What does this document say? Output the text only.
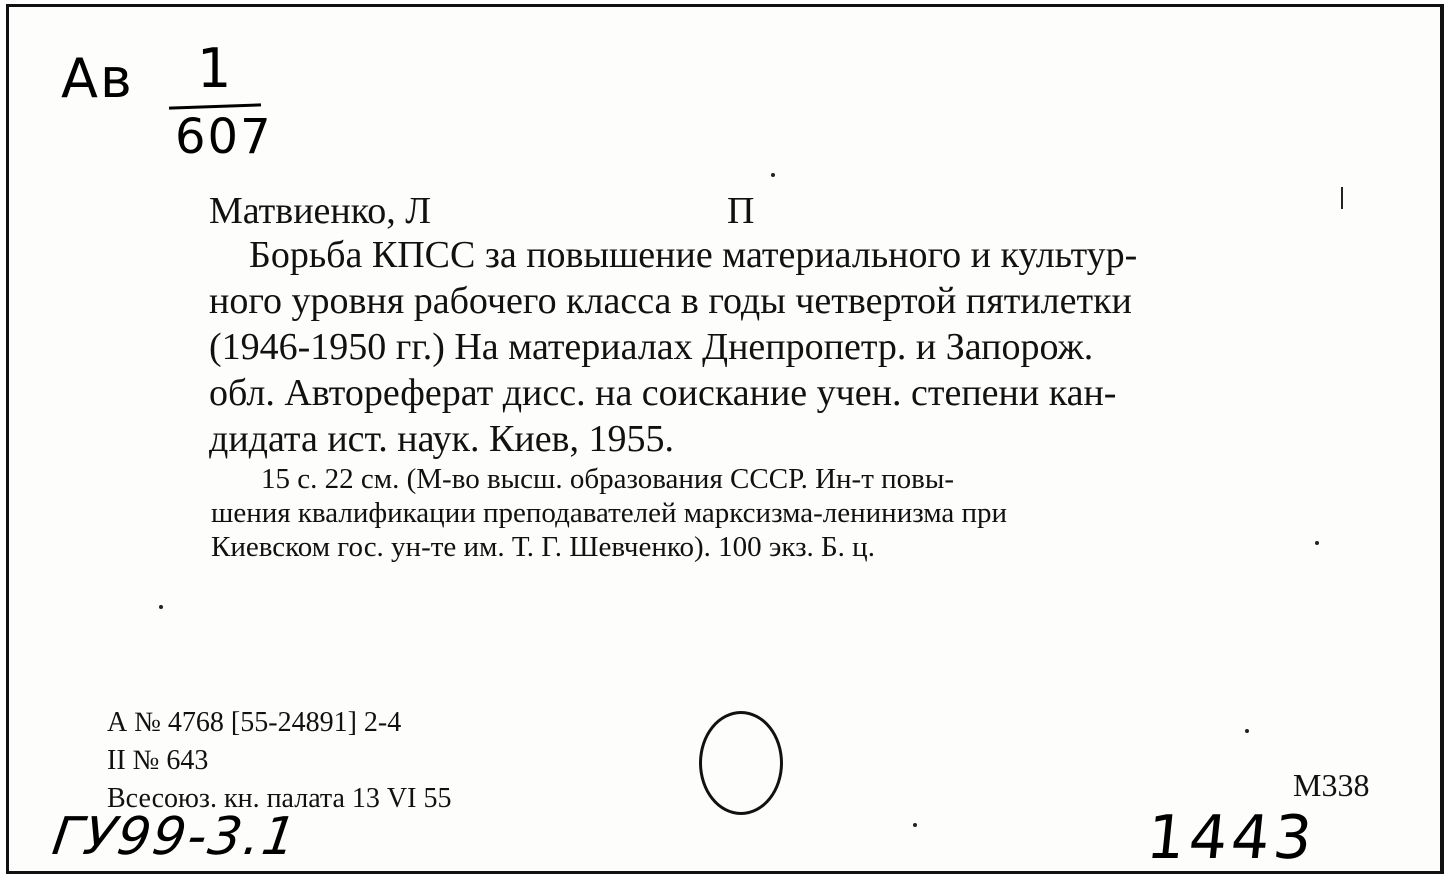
Ав 1
607
Матвиенко, Л	П
Борьба КПСС за повышение материального и культур-
ного уровня рабочего класса в годы четвертой пятилетки
(1946-1950 гг.) На материалах Днепропетр. и Запорож.
обл. Автореферат дисс. на соискание учен. степени кан-
дидата ист. наук. Киев, 1955.
15 с. 22 см. (М-во высш. образования СССР. Ин-т повы-
шения квалификации преподавателей марксизма-ленинизма при
Киевском гос. ун-те им. Т. Г. Шевченко). 100 экз. Б. ц.
А № 4768 [55-24891] 2-4
II № 643
Всесоюз. кн. палата 13 VI 55	М338
ГУ99-3.1	1443
